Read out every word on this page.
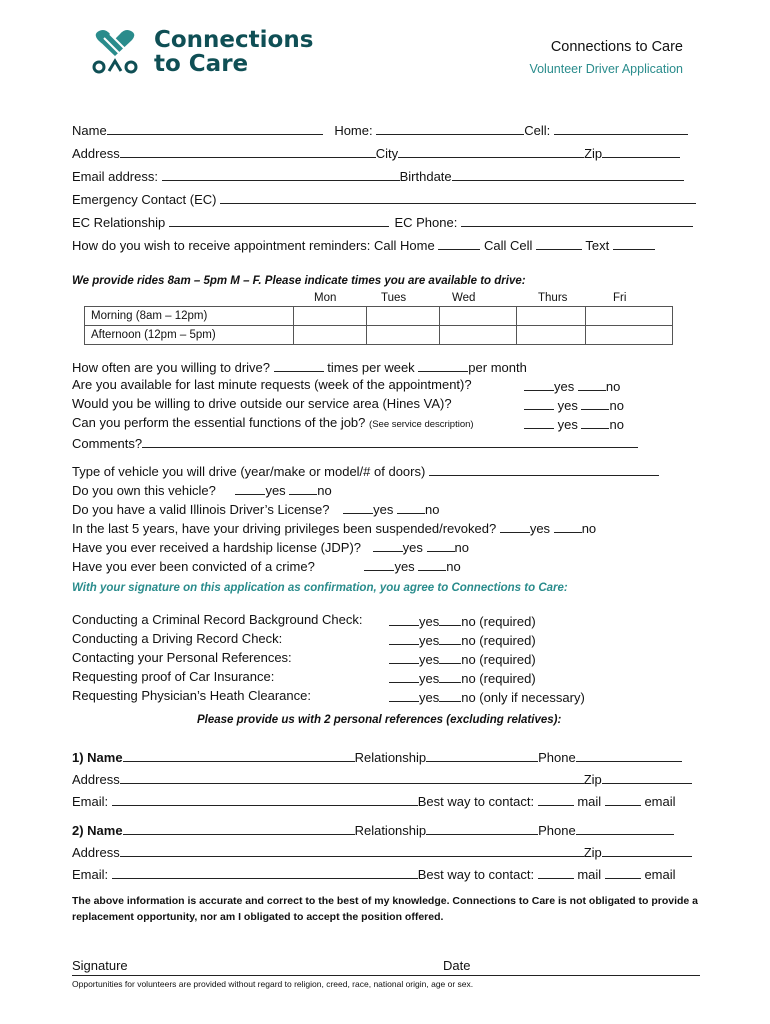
Connections
to Care
Connections to Care
Volunteer Driver Application
Name	Home:	Cell:
Address	City	Zip
Email address:	Birthdate
Emergency Contact (EC)
EC Relationship	EC Phone:
How do you wish to receive appointment reminders: Call Home	Call Cell	Text
We provide rides 8am – 5pm M – F. Please indicate times you are available to drive:
Mon	Tues	Wed	Thurs	Fri
Morning (8am – 12pm)					
Afternoon (12pm – 5pm)					
How often are you willing to drive?	times per week	per month
Are you available for last minute requests (week of the appointment)?	yes no
Would you be willing to drive outside our service area (Hines VA)?	yes no
Can you perform the essential functions of the job? (See service description)	yes no
Comments?
Type of vehicle you will drive (year/make or model/# of doors)
Do you own this vehicle?	yes no
Do you have a valid Illinois Driver’s License?	yes no
In the last 5 years, have your driving privileges been suspended/revoked?	yes no
Have you ever received a hardship license (JDP)?	yes no
Have you ever been convicted of a crime?	yes no
With your signature on this application as confirmation, you agree to Connections to Care:
Conducting a Criminal Record Background Check:	yes no (required)
Conducting a Driving Record Check:	yes no (required)
Contacting your Personal References:	yes no (required)
Requesting proof of Car Insurance:	yes no (required)
Requesting Physician’s Heath Clearance:	yes no (only if necessary)
Please provide us with 2 personal references (excluding relatives):
1) Name	Relationship	Phone
Address	Zip
Email:	Best way to contact:	mail	email
2) Name	Relationship	Phone
Address	Zip
Email:	Best way to contact:	mail	email
The above information is accurate and correct to the best of my knowledge. Connections to Care is not obligated to provide a replacement opportunity, nor am I obligated to accept the position offered.
Signature	Date
Opportunities for volunteers are provided without regard to religion, creed, race, national origin, age or sex.
